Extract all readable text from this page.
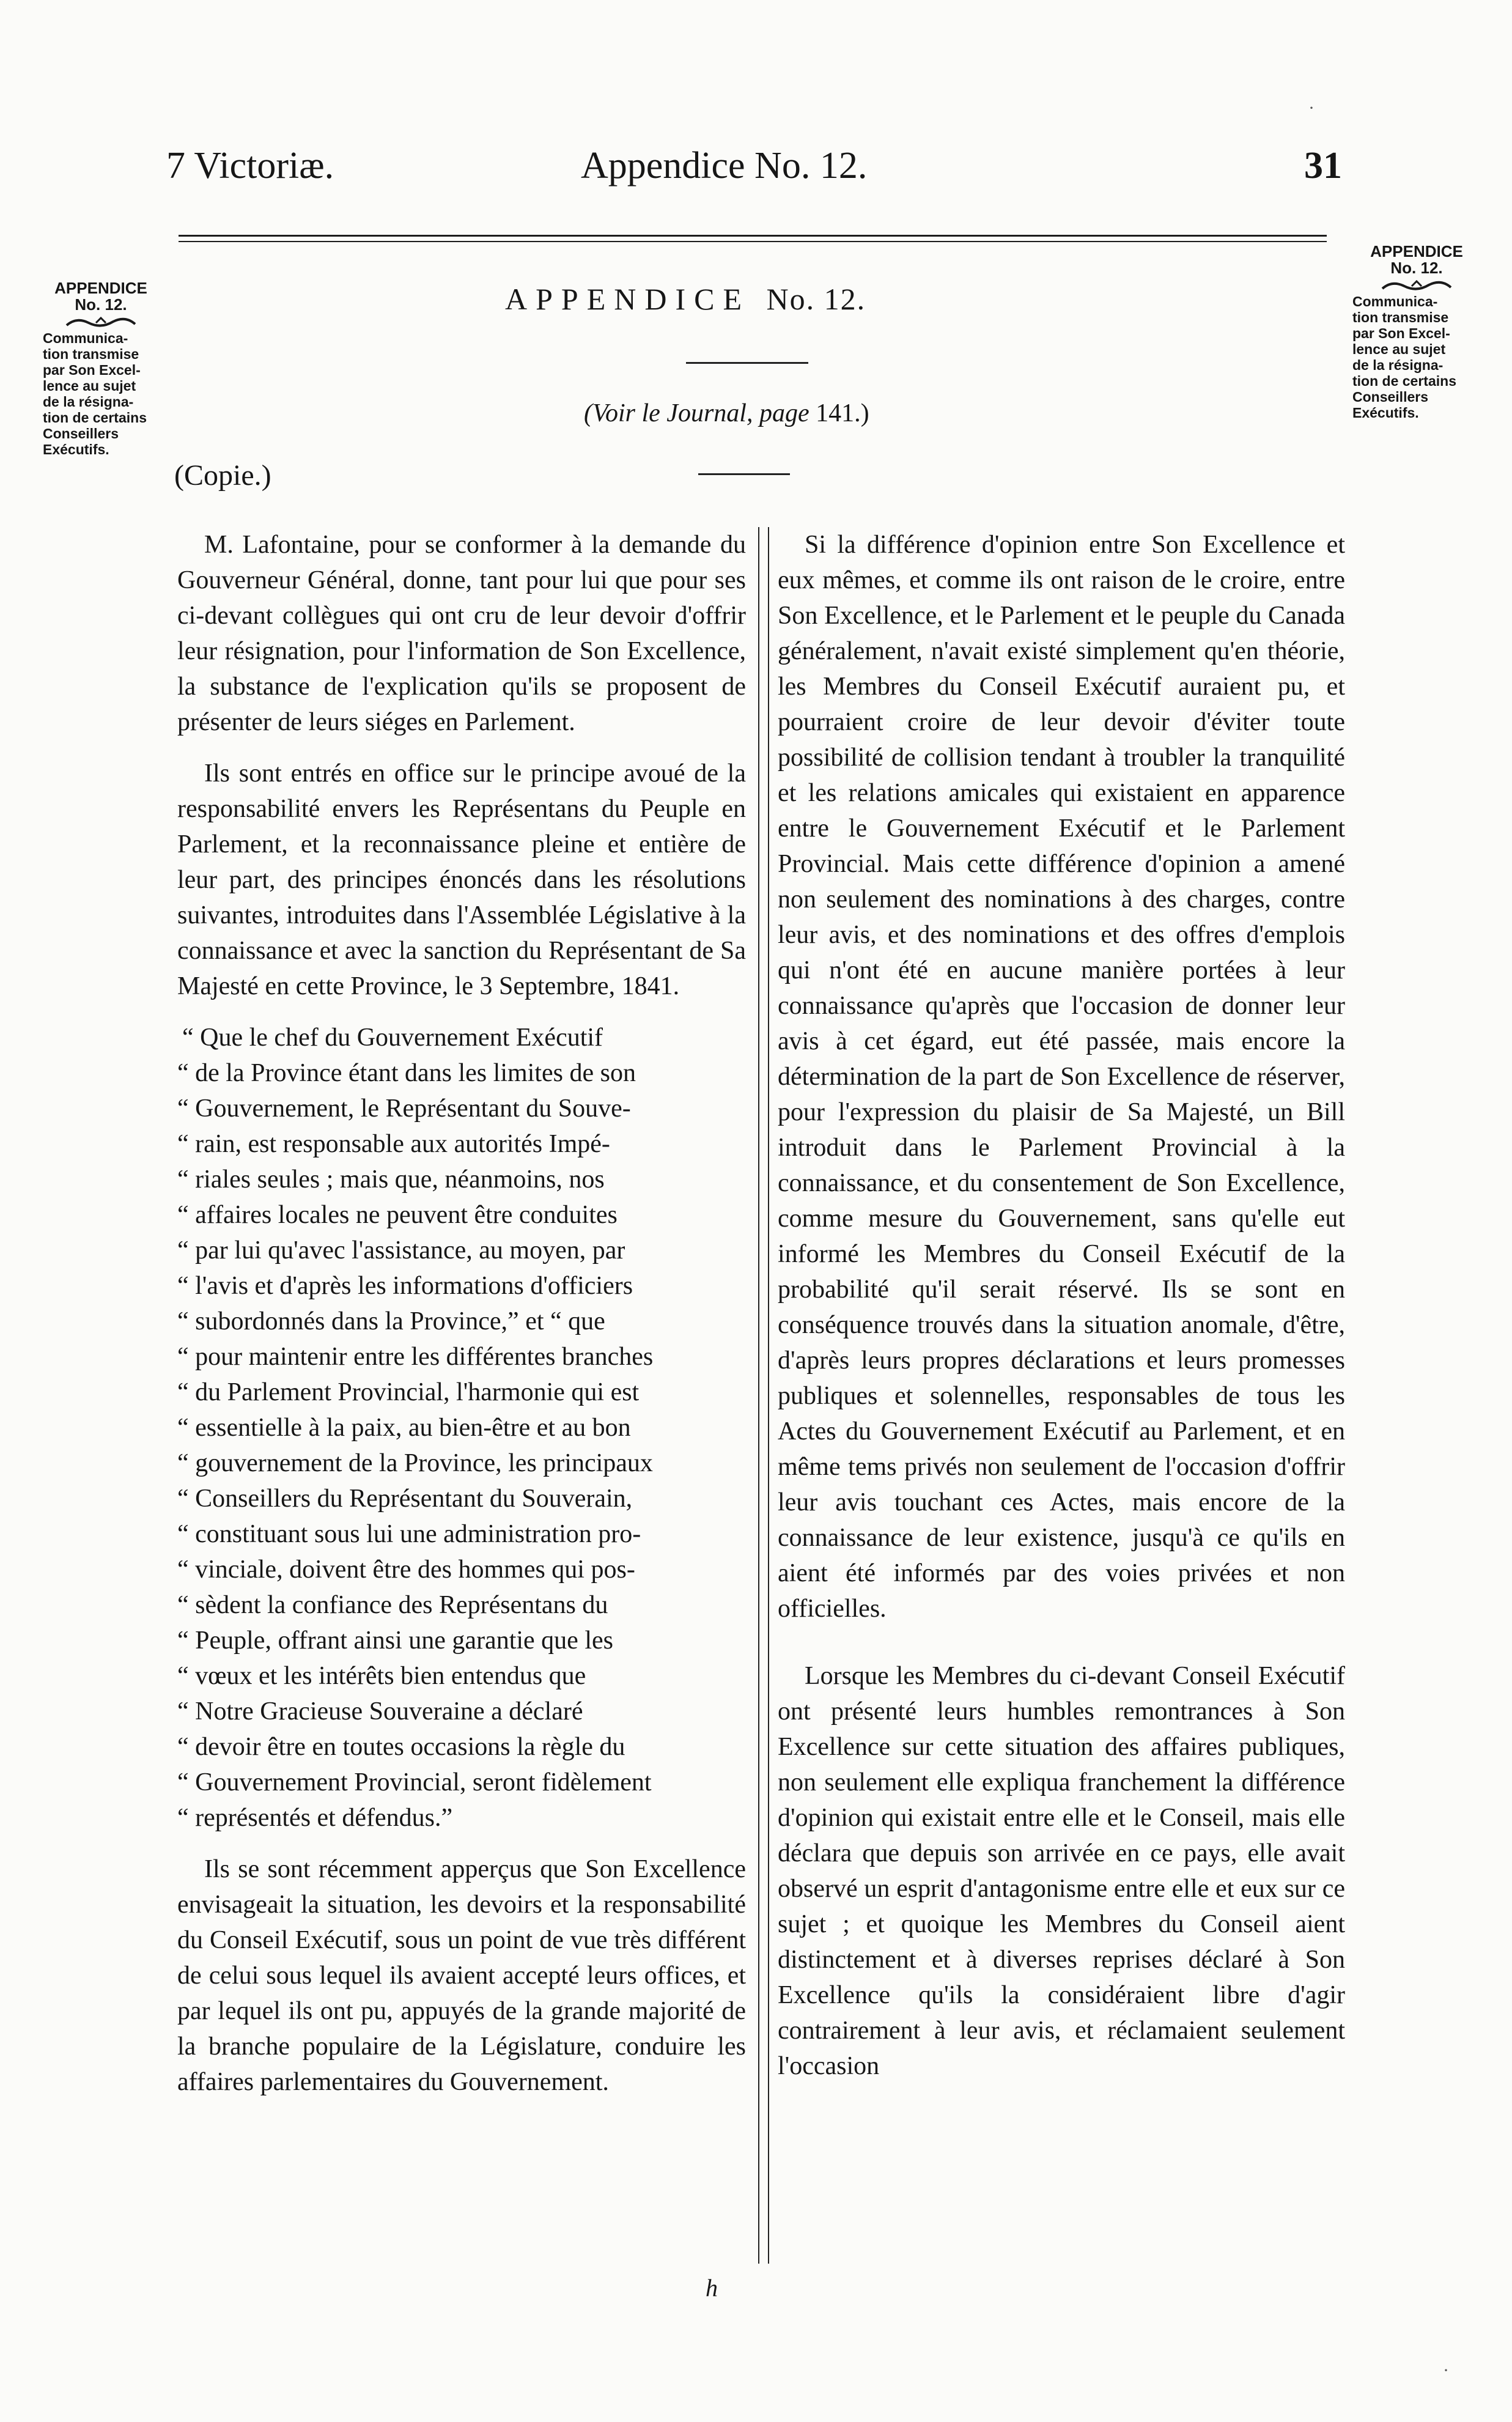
7 Victoriæ.	Appendice No. 12.	31
APPENDICE
No. 12.
Communica-
tion transmise
par Son Excel-
lence au sujet
de la résigna-
tion de certains
Conseillers
Exécutifs.
APPENDICE
No. 12.
Communica-
tion transmise
par Son Excel-
lence au sujet
de la résigna-
tion de certains
Conseillers
Exécutifs.
APPENDICE No. 12.
(Voir le Journal, page 141.)
(Copie.)

M. Lafontaine, pour se conformer à la demande du Gouverneur Général, donne, tant pour lui que pour ses ci-devant collègues qui ont cru de leur devoir d'offrir leur résignation, pour l'information de Son Excellence, la substance de l'explication qu'ils se proposent de présenter de leurs siéges en Parlement.

Ils sont entrés en office sur le principe avoué de la responsabilité envers les Représentans du Peuple en Parlement, et la reconnaissance pleine et entière de leur part, des principes énoncés dans les résolutions suivantes, introduites dans l'Assemblée Législative à la connaissance et avec la sanction du Représentant de Sa Majesté en cette Province, le 3 Septembre, 1841.

“ Que le chef du Gouvernement Exécutif
“ de la Province étant dans les limites de son
“ Gouvernement, le Représentant du Souve-
“ rain, est responsable aux autorités Impé-
“ riales seules ; mais que, néanmoins, nos
“ affaires locales ne peuvent être conduites
“ par lui qu'avec l'assistance, au moyen, par
“ l'avis et d'après les informations d'officiers
“ subordonnés dans la Province,” et “ que
“ pour maintenir entre les différentes branches
“ du Parlement Provincial, l'harmonie qui est
“ essentielle à la paix, au bien-être et au bon
“ gouvernement de la Province, les principaux
“ Conseillers du Représentant du Souverain,
“ constituant sous lui une administration pro-
“ vinciale, doivent être des hommes qui pos-
“ sèdent la confiance des Représentans du
“ Peuple, offrant ainsi une garantie que les
“ vœux et les intérêts bien entendus que
“ Notre Gracieuse Souveraine a déclaré
“ devoir être en toutes occasions la règle du
“ Gouvernement Provincial, seront fidèlement
“ représentés et défendus.”

Ils se sont récemment apperçus que Son Excellence envisageait la situation, les devoirs et la responsabilité du Conseil Exécutif, sous un point de vue très différent de celui sous lequel ils avaient accepté leurs offices, et par lequel ils ont pu, appuyés de la grande majorité de la branche populaire de la Législature, conduire les affaires parlementaires du Gouvernement.

Si la différence d'opinion entre Son Excellence et eux mêmes, et comme ils ont raison de le croire, entre Son Excellence, et le Parlement et le peuple du Canada généralement, n'avait existé simplement qu'en théorie, les Membres du Conseil Exécutif auraient pu, et pourraient croire de leur devoir d'éviter toute possibilité de collision tendant à troubler la tranquilité et les relations amicales qui existaient en apparence entre le Gouvernement Exécutif et le Parlement Provincial. Mais cette différence d'opinion a amené non seulement des nominations à des charges, contre leur avis, et des nominations et des offres d'emplois qui n'ont été en aucune manière portées à leur connaissance qu'après que l'occasion de donner leur avis à cet égard, eut été passée, mais encore la détermination de la part de Son Excellence de réserver, pour l'expression du plaisir de Sa Majesté, un Bill introduit dans le Parlement Provincial à la connaissance, et du consentement de Son Excellence, comme mesure du Gouvernement, sans qu'elle eut informé les Membres du Conseil Exécutif de la probabilité qu'il serait réservé. Ils se sont en conséquence trouvés dans la situation anomale, d'être, d'après leurs propres déclarations et leurs promesses publiques et solennelles, responsables de tous les Actes du Gouvernement Exécutif au Parlement, et en même tems privés non seulement de l'occasion d'offrir leur avis touchant ces Actes, mais encore de la connaissance de leur existence, jusqu'à ce qu'ils en aient été informés par des voies privées et non officielles.

Lorsque les Membres du ci-devant Conseil Exécutif ont présenté leurs humbles remontrances à Son Excellence sur cette situation des affaires publiques, non seulement elle expliqua franchement la différence d'opinion qui existait entre elle et le Conseil, mais elle déclara que depuis son arrivée en ce pays, elle avait observé un esprit d'antagonisme entre elle et eux sur ce sujet ; et quoique les Membres du Conseil aient distinctement et à diverses reprises déclaré à Son Excellence qu'ils la considéraient libre d'agir contrairement à leur avis, et réclamaient seulement l'occasion

h
·
·
